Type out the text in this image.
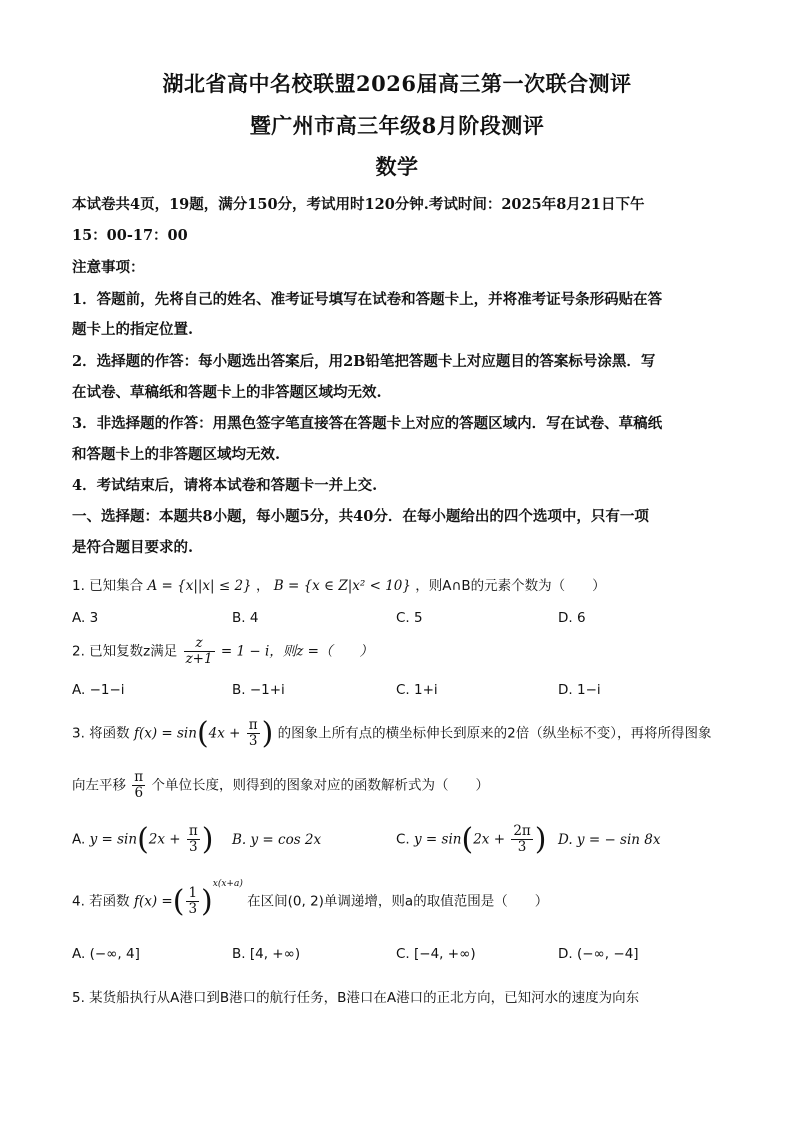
湖北省高中名校联盟2026届高三第一次联合测评
暨广州市高三年级8月阶段测评
数学
本试卷共4页，19题，满分150分，考试用时120分钟.考试时间：2025年8月21日下午
15：00-17：00
注意事项：
1．答题前，先将自己的姓名、准考证号填写在试卷和答题卡上，并将准考证号条形码贴在答
题卡上的指定位置.
2．选择题的作答：每小题选出答案后，用2B铅笔把答题卡上对应题目的答案标号涂黑．写
在试卷、草稿纸和答题卡上的非答题区域均无效.
3．非选择题的作答：用黑色签字笔直接答在答题卡上对应的答题区域内．写在试卷、草稿纸
和答题卡上的非答题区域均无效.
4．考试结束后，请将本试卷和答题卡一并上交.
一、选择题：本题共8小题，每小题5分，共40分．在每小题给出的四个选项中，只有一项
是符合题目要求的.
1. 已知集合 A = {x||x| ≤ 2} ， B = {x ∈ Z|x² < 10} ，则A∩B的元素个数为（　　）
A. 3	B. 4	C. 5	D. 6
2. 已知复数z满足 $\frac{z}{z+1} = 1 - i$，则z =（　　）
A. −1−i	B. −1+i	C. 1+i	D. 1−i
3. 将函数 $f(x) = \sin(4x + \frac{\pi}{3}$ ) 的图象上所有点的横坐标伸长到原来的2倍（纵坐标不变），再将所得图象
向左平移 $\frac{\pi}{6}$ 个单位长度，则得到的图象对应的函数解析式为（　　）
A. $y = \sin(2x + \frac{\pi}{3}$ ) B. y = cos 2x	C. $y = \sin(2x + \frac{2\pi}{3}$ ) D. y = − sin 8x
4. 若函数 f(x) =( $\frac{1}{3} )^{x(x+a)}$ 在区间(0, 2)单调递增，则a的取值范围是（　　）
A. (−∞, 4]	B. [4, +∞)	C. [−4, +∞)	D. (−∞, −4]
5. 某货船执行从A港口到B港口的航行任务，B港口在A港口的正北方向，已知河水的速度为向东
